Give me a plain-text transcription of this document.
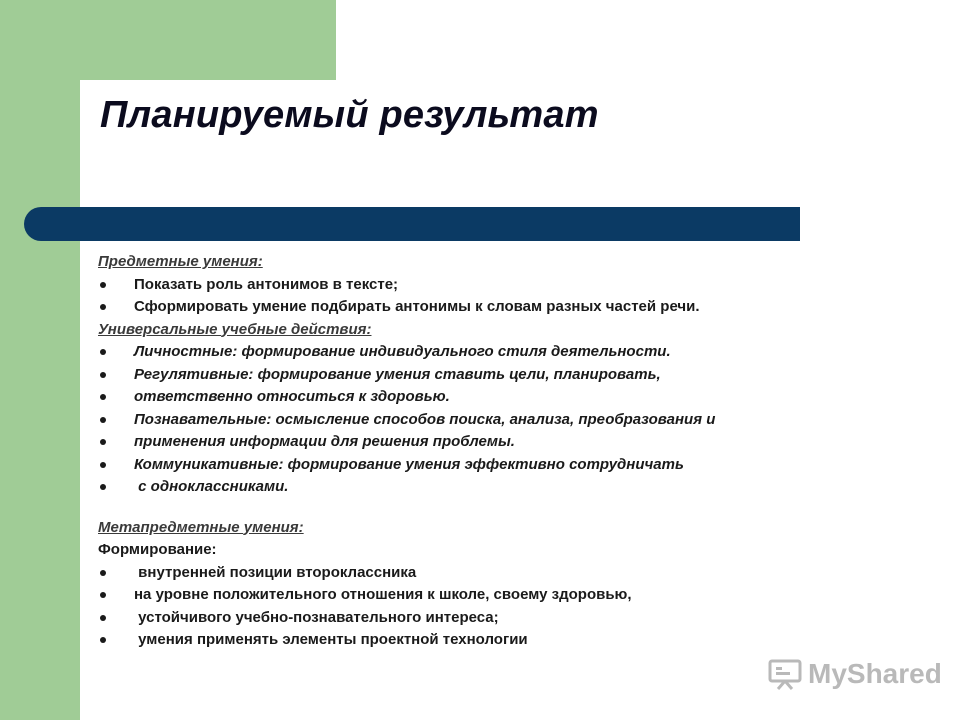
Планируемый результат
Предметные умения:
Показать роль антонимов в тексте;
Сформировать умение подбирать антонимы к словам разных частей речи.
Универсальные учебные действия:
Личностные: формирование индивидуального стиля деятельности.
Регулятивные: формирование умения ставить цели, планировать,
ответственно относиться к здоровью.
Познавательные: осмысление способов поиска, анализа, преобразования и
применения информации для решения проблемы.
Коммуникативные: формирование умения эффективно сотрудничать
с одноклассниками.
Метапредметные умения:
Формирование:
внутренней позиции второклассника
на уровне положительного отношения к школе, своему здоровью,
устойчивого учебно-познавательного интереса;
умения применять элементы проектной технологии
MyShared
